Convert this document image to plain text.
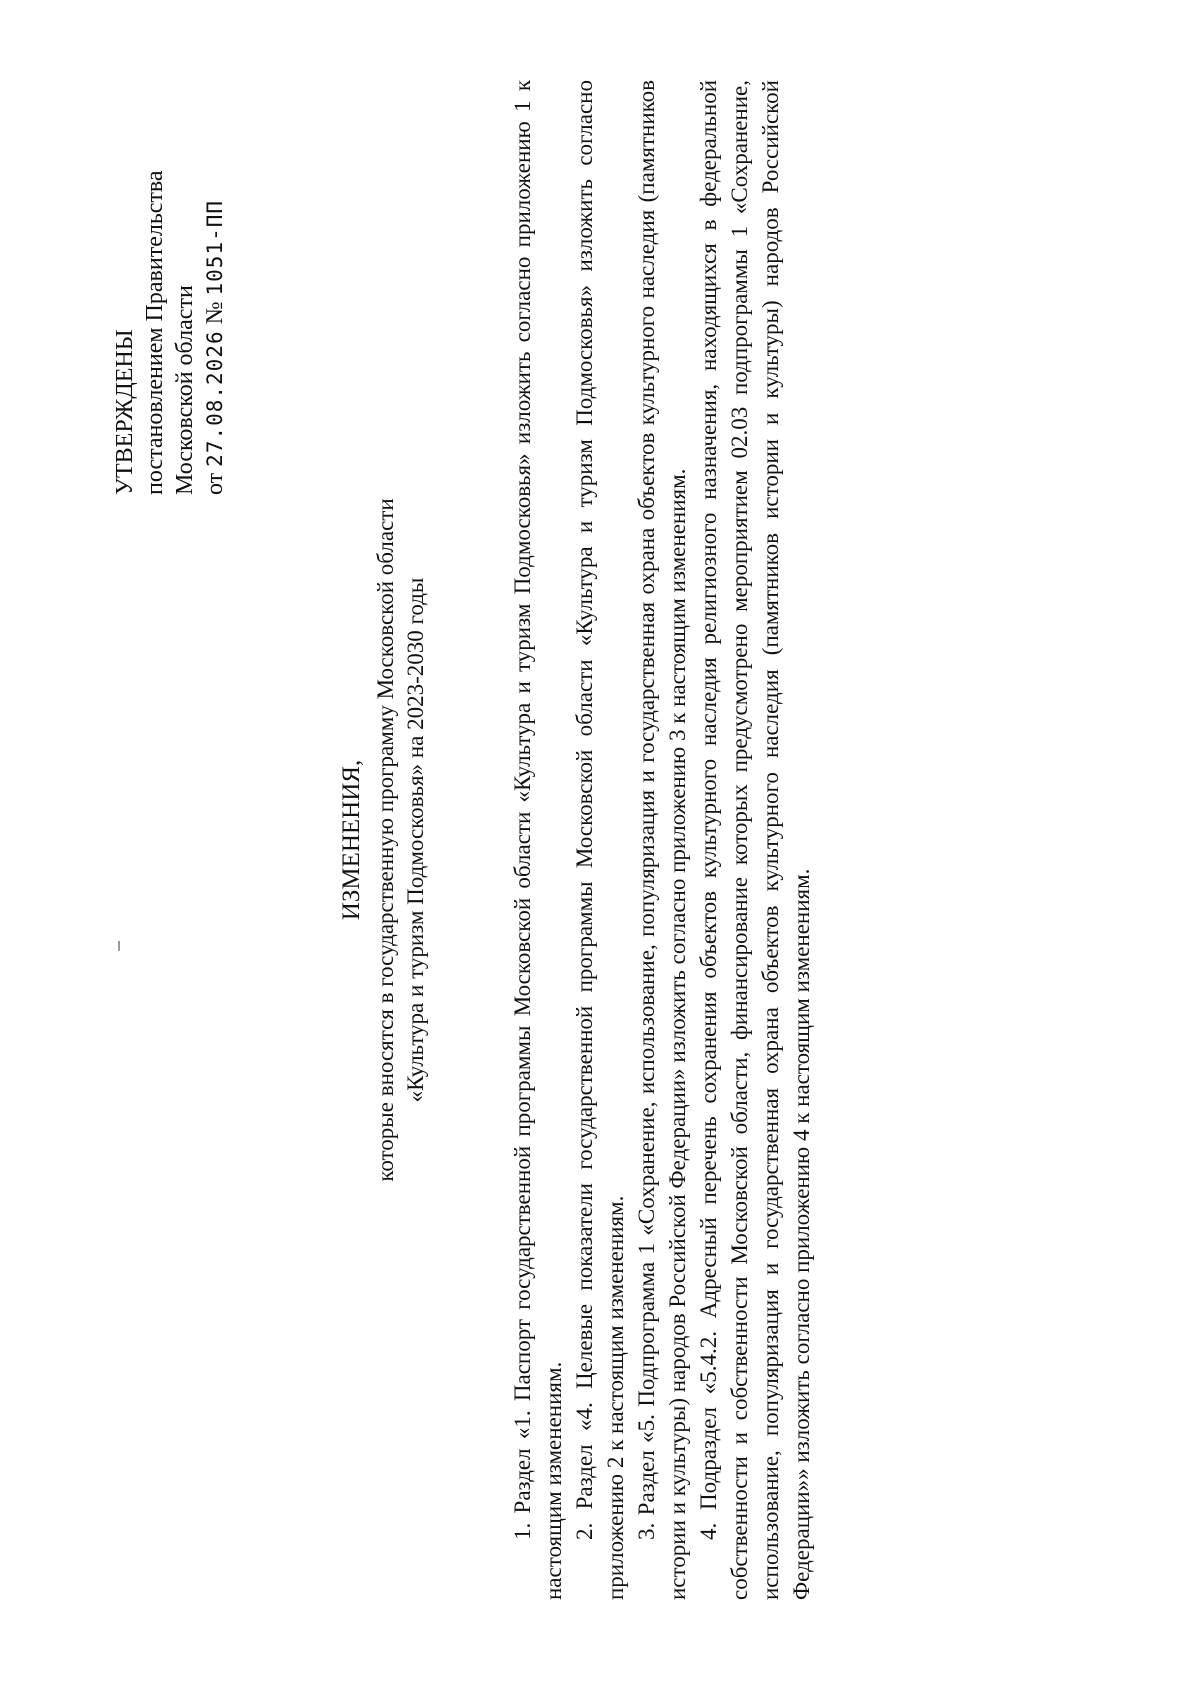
УТВЕРЖДЕНЫ постановлением Правительства Московской области от 27.08.2026 № 1051-ПП
ИЗМЕНЕНИЯ, которые вносятся в государственную программу Московской области «Культура и туризм Подмосковья» на 2023-2030 годы	1. Раздел «1. Паспорт государственной программы Московской области «Культура и туризм Подмосковья» изложить согласно приложению 1 к настоящим изменениям. 2. Раздел «4. Целевые показатели государственной программы Московской области «Культура и туризм Подмосковья» изложить согласно приложению 2 к настоящим изменениям. 3. Раздел «5. Подпрограмма 1 «Сохранение, использование, популяризация и государственная охрана объектов культурного наследия (памятников истории и культуры) народов Российской Федерации» изложить согласно приложению 3 к настоящим изменениям. 4. Подраздел «5.4.2. Адресный перечень сохранения объектов культурного наследия религиозного назначения, находящихся в федеральной собственности и собственности Московской области, финансирование которых предусмотрено мероприятием 02.03 подпрограммы 1 «Сохранение, использование, популяризация и государственная охрана объектов культурного наследия (памятников истории и культуры) народов Российской Федерации»» изложить согласно приложению 4 к настоящим изменениям.
